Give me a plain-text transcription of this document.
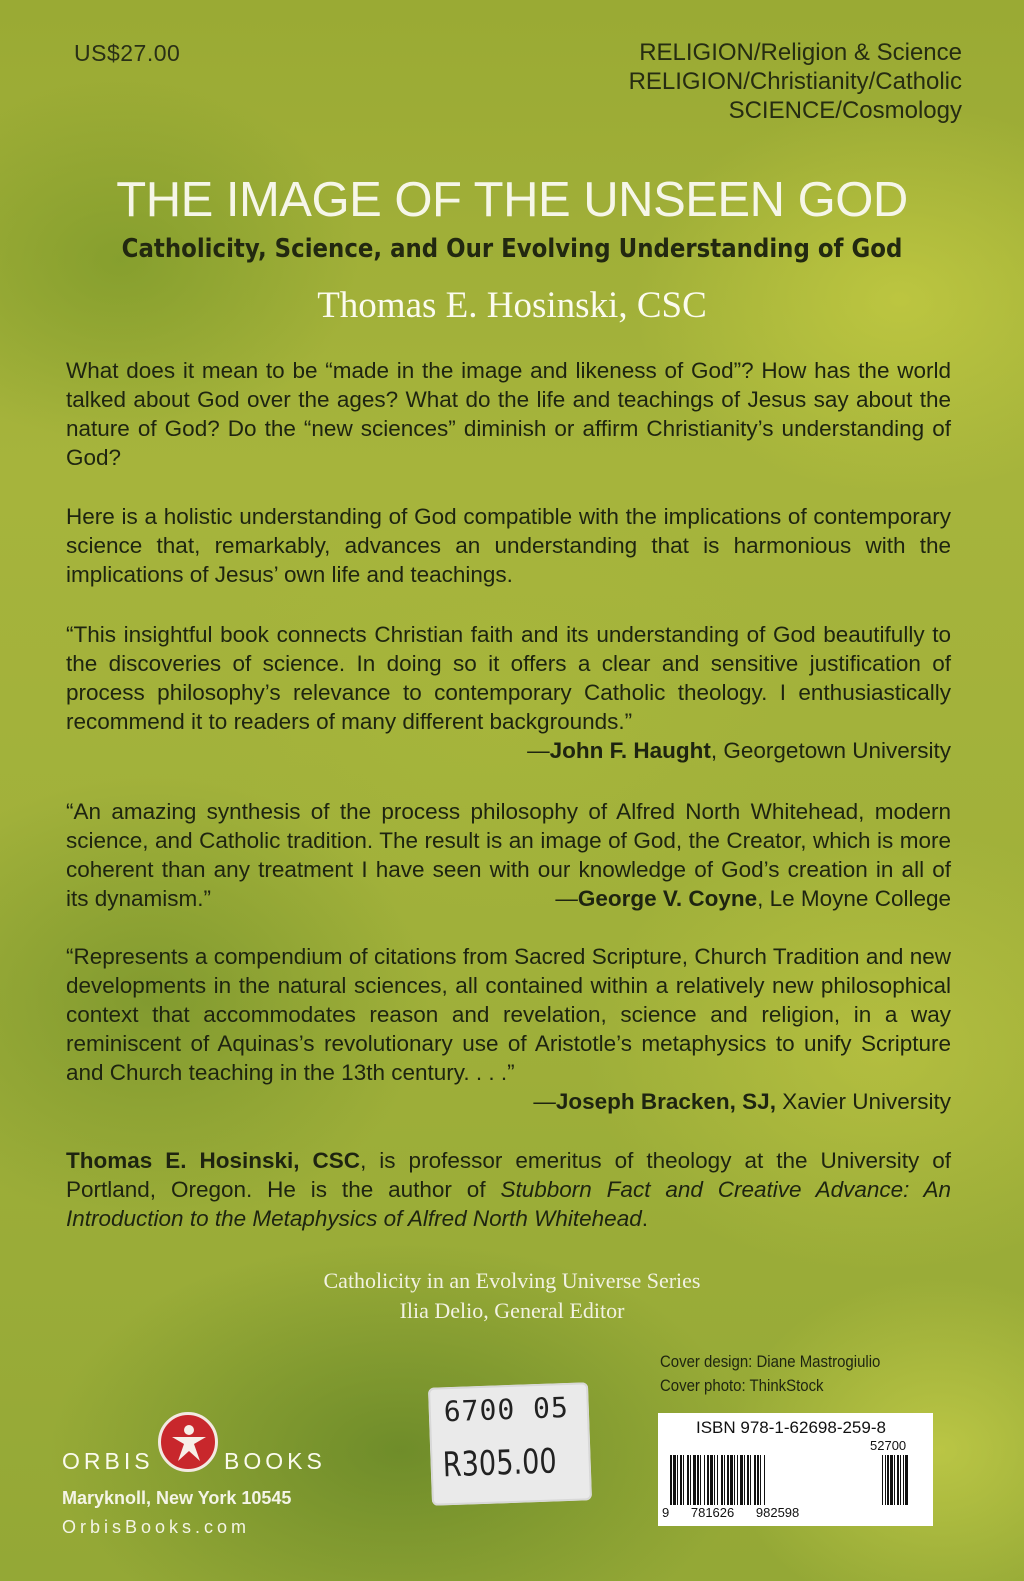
US$27.00	RELIGION/Religion & Science
RELIGION/Christianity/Catholic
SCIENCE/Cosmology
THE IMAGE OF THE UNSEEN GOD
Catholicity, Science, and Our Evolving Understanding of God
Thomas E. Hosinski, CSC
What does it mean to be “made in the image and likeness of God”? How has the world talked about God over the ages? What do the life and teachings of Jesus say about the nature of God? Do the “new sciences” diminish or affirm Christianity’s understanding of God?
Here is a holistic understanding of God compatible with the implications of contemporary science that, remarkably, advances an understanding that is harmonious with the implications of Jesus’ own life and teachings.
“This insightful book connects Christian faith and its understanding of God beautifully to the discoveries of science. In doing so it offers a clear and sensitive justification of process philosophy’s relevance to contemporary Catholic theology. I enthusiastically recommend it to readers of many different backgrounds.”
—John F. Haught, Georgetown University
“An amazing synthesis of the process philosophy of Alfred North Whitehead, modern science, and Catholic tradition. The result is an image of God, the Creator, which is more coherent than any treatment I have seen with our knowledge of God’s creation in all of its dynamism.”	—George V. Coyne, Le Moyne College
“Represents a compendium of citations from Sacred Scripture, Church Tradition and new developments in the natural sciences, all contained within a relatively new philosophical context that accommodates reason and revelation, science and religion, in a way reminiscent of Aquinas’s revolutionary use of Aristotle’s metaphysics to unify Scripture and Church teaching in the 13th century. . . .”
—Joseph Bracken, SJ, Xavier University
Thomas E. Hosinski, CSC, is professor emeritus of theology at the University of Portland, Oregon. He is the author of Stubborn Fact and Creative Advance: An Introduction to the Metaphysics of Alfred North Whitehead.
Catholicity in an Evolving Universe Series
Ilia Delio, General Editor
Cover design: Diane Mastrogiulio
Cover photo: ThinkStock
ORBIS	BOOKS
Maryknoll, New York 10545
OrbisBooks.com
6700 05
R305.00
ISBN 978-1-62698-259-8
52700
9 781626 982598
